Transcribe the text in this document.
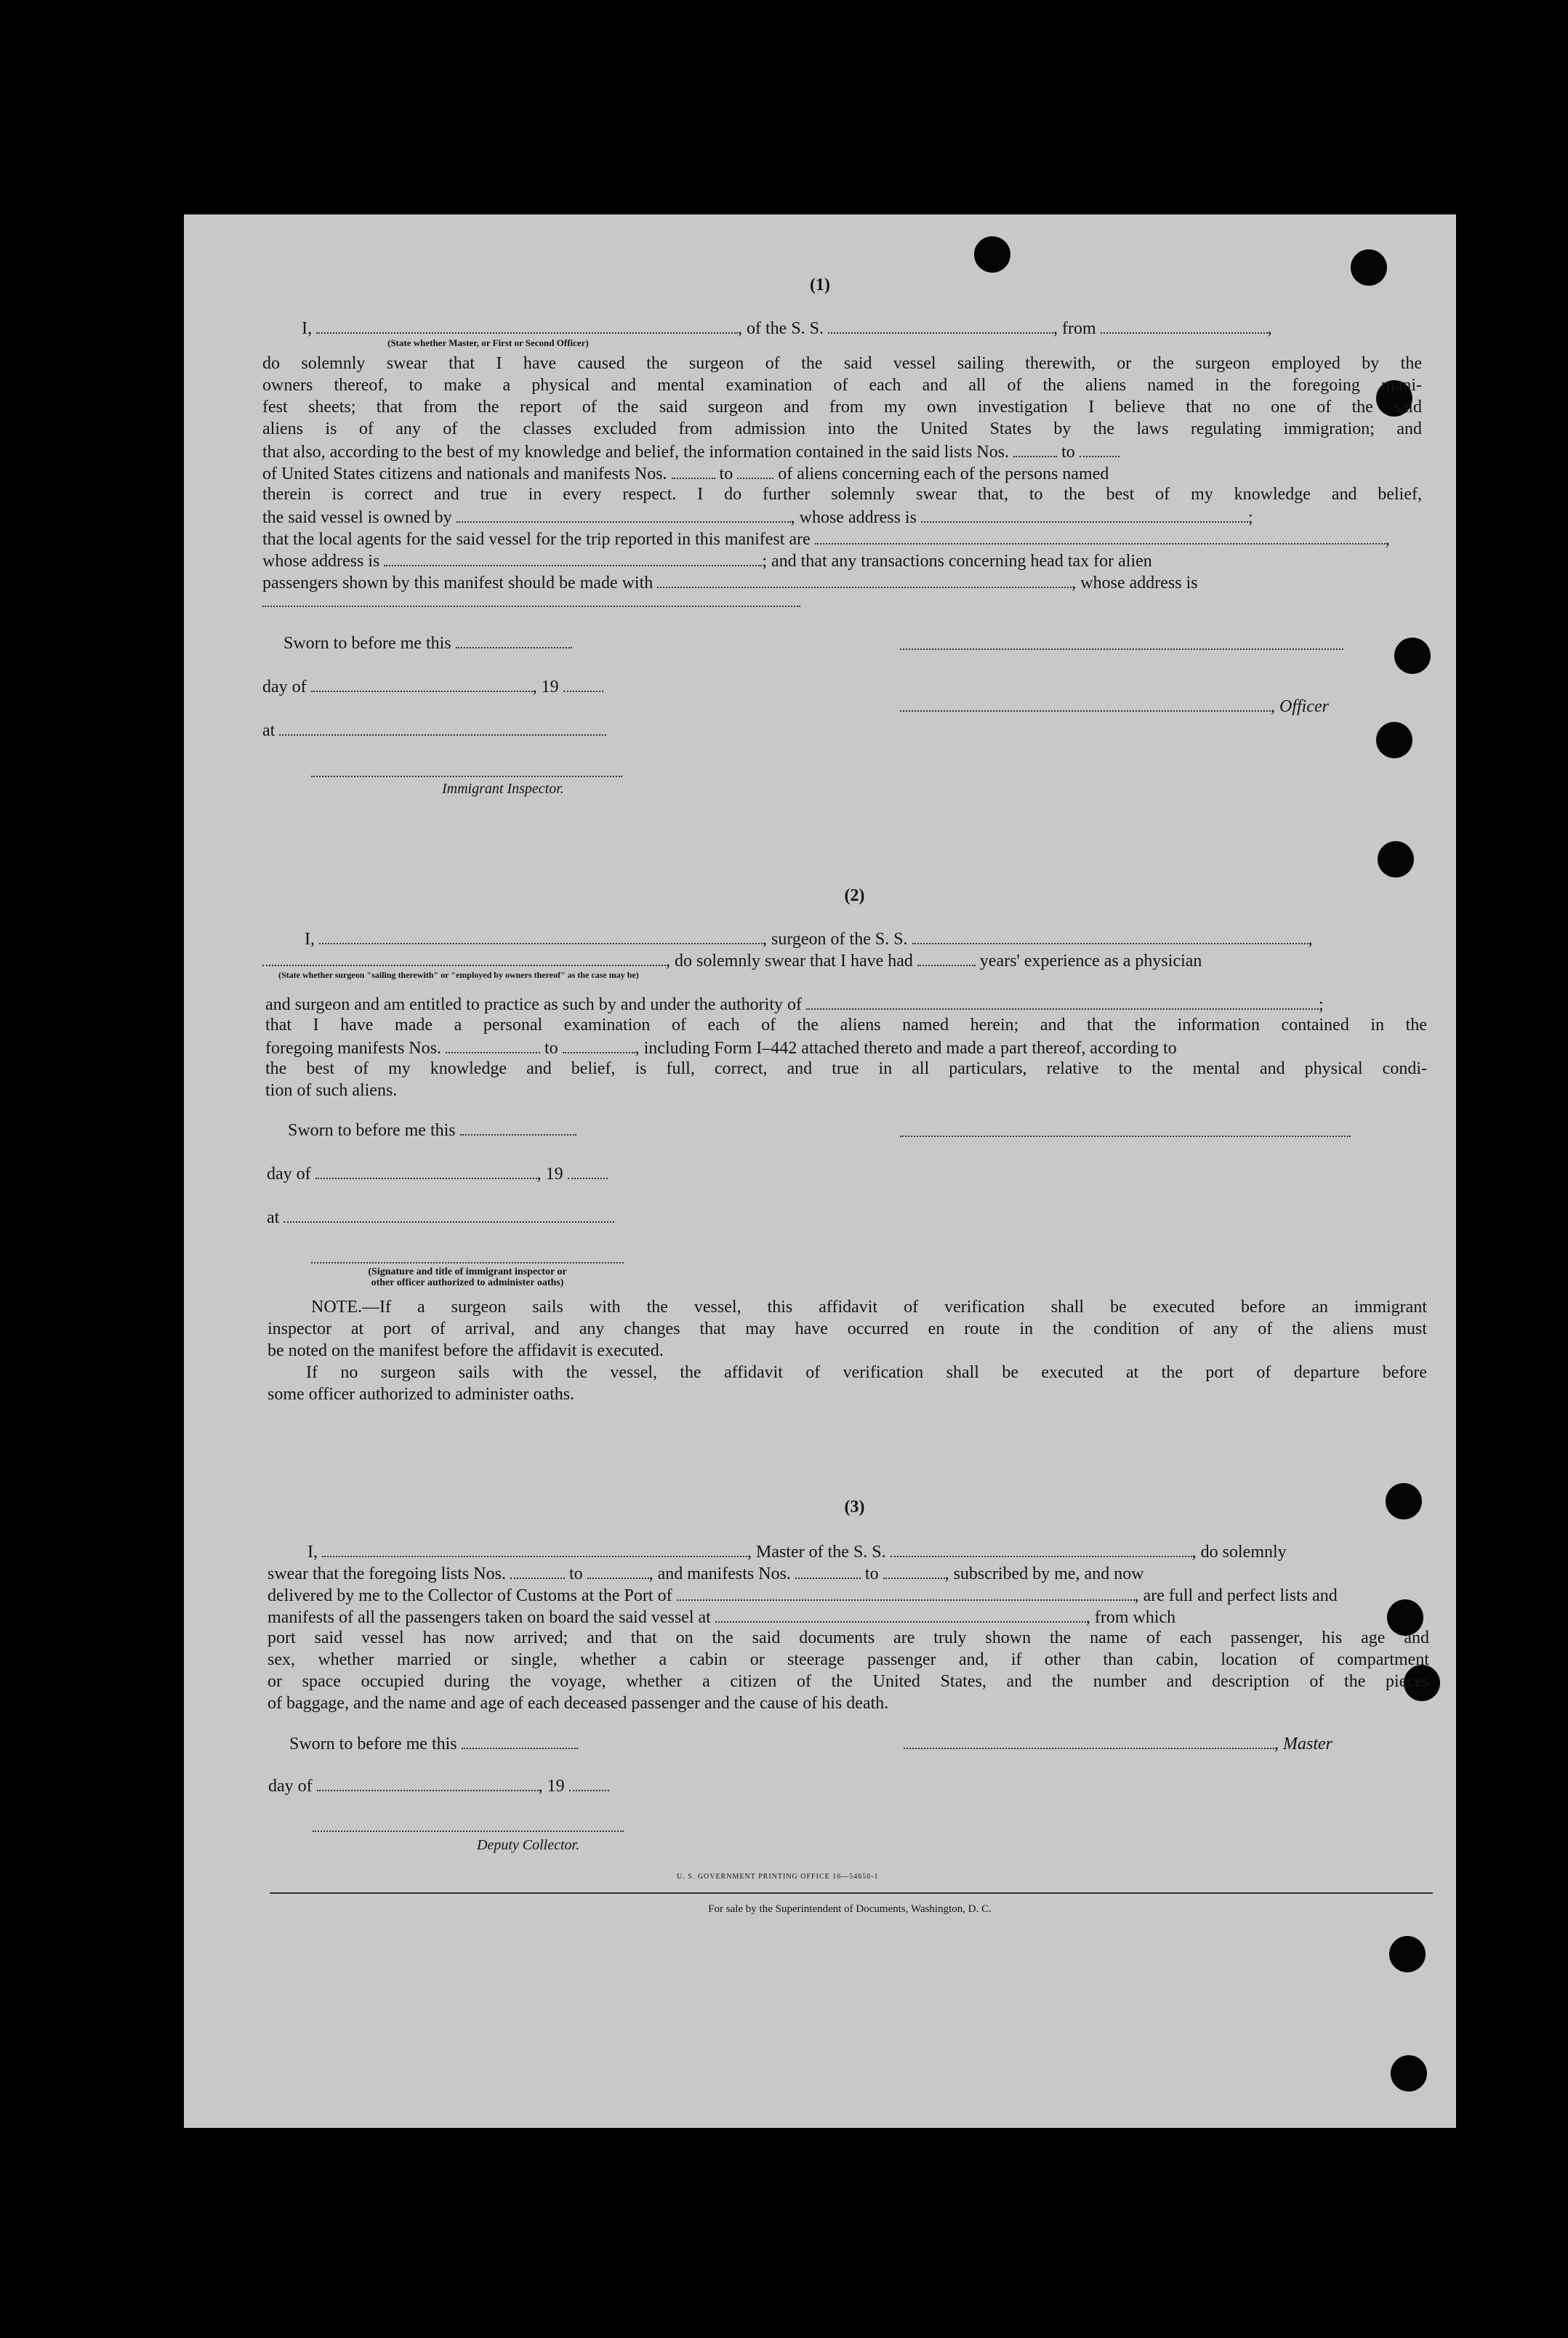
(1)
I,	, of the S. S.	, from	,
(State whether Master, or First or Second Officer)
do solemnly swear that I have caused the surgeon of the said vessel sailing therewith, or the surgeon employed by the
owners thereof, to make a physical and mental examination of each and all of the aliens named in the foregoing mani-
fest sheets; that from the report of the said surgeon and from my own investigation I believe that no one of the said
aliens is of any of the classes excluded from admission into the United States by the laws regulating immigration; and
that also, according to the best of my knowledge and belief, the information contained in the said lists Nos.	to
of United States citizens and nationals and manifests Nos.	to	of aliens concerning each of the persons named
therein is correct and true in every respect. I do further solemnly swear that, to the best of my knowledge and belief,
the said vessel is owned by	, whose address is	;
that the local agents for the said vessel for the trip reported in this manifest are	,
whose address is	; and that any transactions concerning head tax for alien
passengers shown by this manifest should be made with	, whose address is
Sworn to before me this
day of	, 19
, Officer
at
Immigrant Inspector.
(2)
I,	, surgeon of the S. S.	,
, do solemnly swear that I have had	years' experience as a physician
(State whether surgeon "sailing therewith" or "employed by owners thereof" as the case may be)
and surgeon and am entitled to practice as such by and under the authority of	;
that I have made a personal examination of each of the aliens named herein; and that the information contained in the
foregoing manifests Nos.	to	, including Form I–442 attached thereto and made a part thereof, according to
the best of my knowledge and belief, is full, correct, and true in all particulars, relative to the mental and physical condi-
tion of such aliens.
Sworn to before me this
day of	, 19
at
(Signature and title of immigrant inspector or
other officer authorized to administer oaths)
NOTE.—If a surgeon sails with the vessel, this affidavit of verification shall be executed before an immigrant
inspector at port of arrival, and any changes that may have occurred en route in the condition of any of the aliens must
be noted on the manifest before the affidavit is executed.
If no surgeon sails with the vessel, the affidavit of verification shall be executed at the port of departure before
some officer authorized to administer oaths.
(3)
I,	, Master of the S. S.	, do solemnly
swear that the foregoing lists Nos.	to	, and manifests Nos.	to	, subscribed by me, and now
delivered by me to the Collector of Customs at the Port of	, are full and perfect lists and
manifests of all the passengers taken on board the said vessel at	, from which
port said vessel has now arrived; and that on the said documents are truly shown the name of each passenger, his age and
sex, whether married or single, whether a cabin or steerage passenger and, if other than cabin, location of compartment
or space occupied during the voyage, whether a citizen of the United States, and the number and description of the pieces
of baggage, and the name and age of each deceased passenger and the cause of his death.
Sworn to before me this	, Master
day of	, 19
Deputy Collector.
U. S. GOVERNMENT PRINTING OFFICE 16—54650-1
For sale by the Superintendent of Documents, Washington, D. C.
